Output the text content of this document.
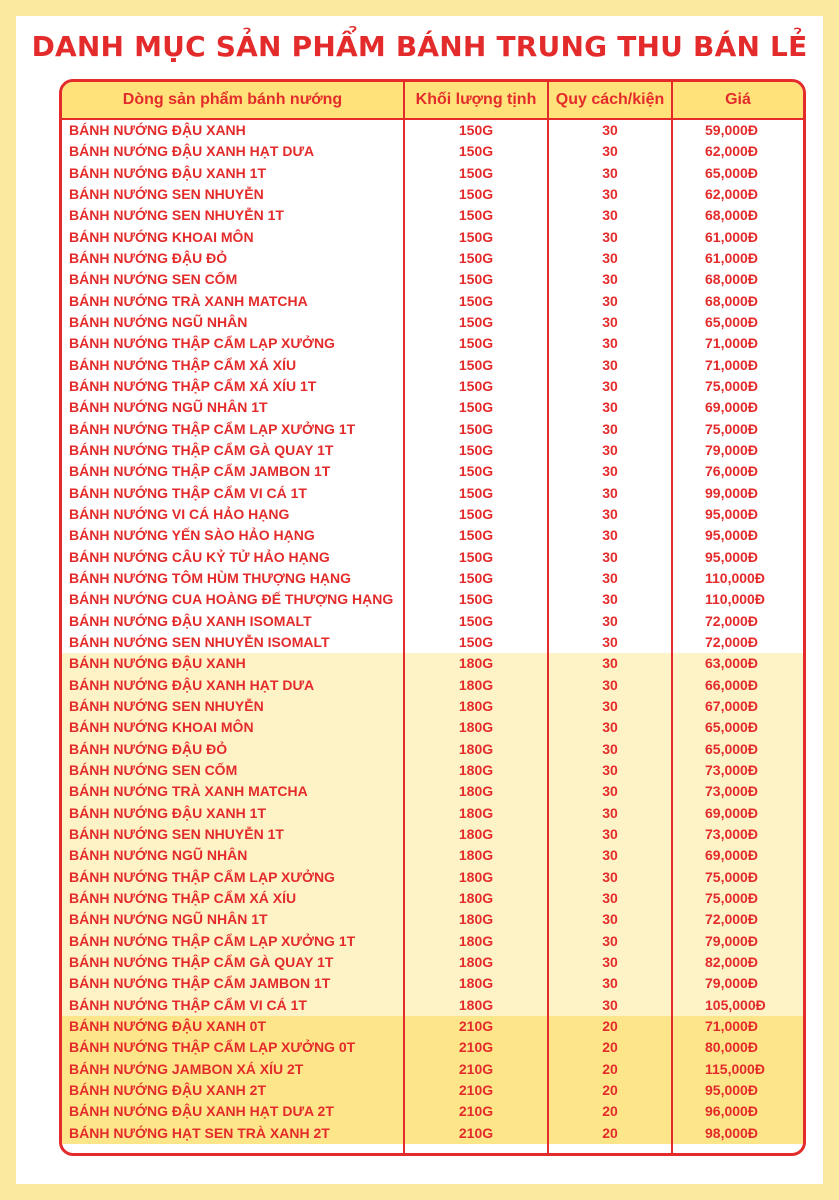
DANH MỤC SẢN PHẨM BÁNH TRUNG THU BÁN LẺ
Dòng sản phẩm bánh nướng	Khối lượng tịnh	Quy cách/kiện	Giá
BÁNH NƯỚNG ĐẬU XANH	150G	30	59,000Đ
BÁNH NƯỚNG ĐẬU XANH HẠT DƯA	150G	30	62,000Đ
BÁNH NƯỚNG ĐẬU XANH 1T	150G	30	65,000Đ
BÁNH NƯỚNG SEN NHUYỄN	150G	30	62,000Đ
BÁNH NƯỚNG SEN NHUYỄN 1T	150G	30	68,000Đ
BÁNH NƯỚNG KHOAI MÔN	150G	30	61,000Đ
BÁNH NƯỚNG ĐẬU ĐỎ	150G	30	61,000Đ
BÁNH NƯỚNG SEN CỐM	150G	30	68,000Đ
BÁNH NƯỚNG TRÀ XANH MATCHA	150G	30	68,000Đ
BÁNH NƯỚNG NGŨ NHÂN	150G	30	65,000Đ
BÁNH NƯỚNG THẬP CẨM LẠP XƯỞNG	150G	30	71,000Đ
BÁNH NƯỚNG THẬP CẨM XÁ XÍU	150G	30	71,000Đ
BÁNH NƯỚNG THẬP CẨM XÁ XÍU 1T	150G	30	75,000Đ
BÁNH NƯỚNG NGŨ NHÂN 1T	150G	30	69,000Đ
BÁNH NƯỚNG THẬP CẨM LẠP XƯỞNG 1T	150G	30	75,000Đ
BÁNH NƯỚNG THẬP CẨM GÀ QUAY 1T	150G	30	79,000Đ
BÁNH NƯỚNG THẬP CẨM JAMBON 1T	150G	30	76,000Đ
BÁNH NƯỚNG THẬP CẨM VI CÁ 1T	150G	30	99,000Đ
BÁNH NƯỚNG VI CÁ HẢO HẠNG	150G	30	95,000Đ
BÁNH NƯỚNG YẾN SÀO HẢO HẠNG	150G	30	95,000Đ
BÁNH NƯỚNG CÂU KỶ TỬ HẢO HẠNG	150G	30	95,000Đ
BÁNH NƯỚNG TÔM HÙM THƯỢNG HẠNG	150G	30	110,000Đ
BÁNH NƯỚNG CUA HOÀNG ĐẾ THƯỢNG HẠNG	150G	30	110,000Đ
BÁNH NƯỚNG ĐẬU XANH ISOMALT	150G	30	72,000Đ
BÁNH NƯỚNG SEN NHUYỄN ISOMALT	150G	30	72,000Đ
BÁNH NƯỚNG ĐẬU XANH	180G	30	63,000Đ
BÁNH NƯỚNG ĐẬU XANH HẠT DƯA	180G	30	66,000Đ
BÁNH NƯỚNG SEN NHUYỄN	180G	30	67,000Đ
BÁNH NƯỚNG KHOAI MÔN	180G	30	65,000Đ
BÁNH NƯỚNG ĐẬU ĐỎ	180G	30	65,000Đ
BÁNH NƯỚNG SEN CỐM	180G	30	73,000Đ
BÁNH NƯỚNG TRÀ XANH MATCHA	180G	30	73,000Đ
BÁNH NƯỚNG ĐẬU XANH 1T	180G	30	69,000Đ
BÁNH NƯỚNG SEN NHUYỄN 1T	180G	30	73,000Đ
BÁNH NƯỚNG NGŨ NHÂN	180G	30	69,000Đ
BÁNH NƯỚNG THẬP CẨM LẠP XƯỞNG	180G	30	75,000Đ
BÁNH NƯỚNG THẬP CẨM XÁ XÍU	180G	30	75,000Đ
BÁNH NƯỚNG NGŨ NHÂN 1T	180G	30	72,000Đ
BÁNH NƯỚNG THẬP CẨM LẠP XƯỞNG 1T	180G	30	79,000Đ
BÁNH NƯỚNG THẬP CẨM GÀ QUAY 1T	180G	30	82,000Đ
BÁNH NƯỚNG THẬP CẨM JAMBON 1T	180G	30	79,000Đ
BÁNH NƯỚNG THẬP CẨM VI CÁ 1T	180G	30	105,000Đ
BÁNH NƯỚNG ĐẬU XANH 0T	210G	20	71,000Đ
BÁNH NƯỚNG THẬP CẨM LẠP XƯỞNG 0T	210G	20	80,000Đ
BÁNH NƯỚNG JAMBON XÁ XÍU 2T	210G	20	115,000Đ
BÁNH NƯỚNG ĐẬU XANH 2T	210G	20	95,000Đ
BÁNH NƯỚNG ĐẬU XANH HẠT DƯA 2T	210G	20	96,000Đ
BÁNH NƯỚNG HẠT SEN TRÀ XANH 2T	210G	20	98,000Đ
